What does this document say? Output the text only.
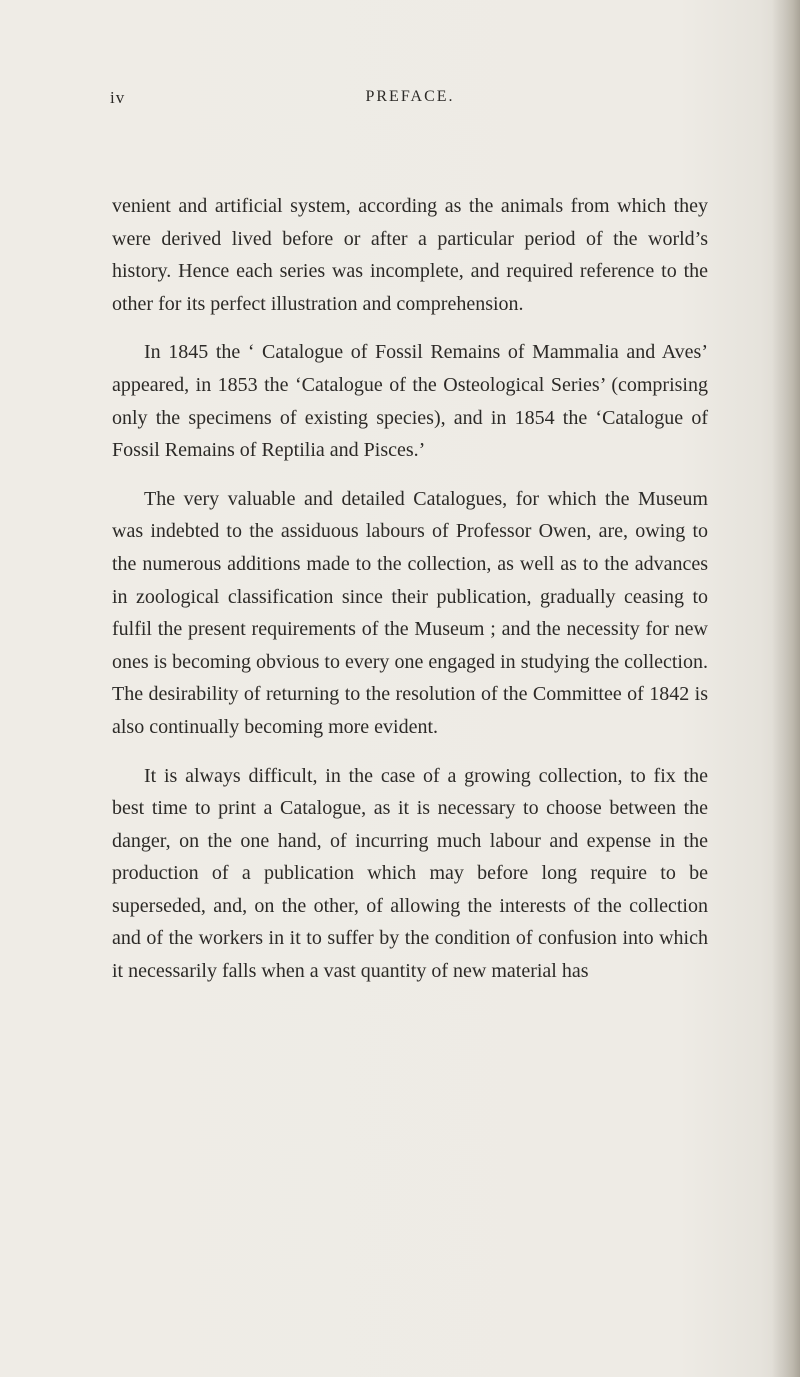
iv	PREFACE.

venient and artificial system, according as the animals from which they were derived lived before or after a particular period of the world’s history. Hence each series was incomplete, and required reference to the other for its perfect illustration and comprehension.

In 1845 the ‘ Catalogue of Fossil Remains of Mammalia and Aves’ appeared, in 1853 the ‘Catalogue of the Osteological Series’ (comprising only the specimens of existing species), and in 1854 the ‘Catalogue of Fossil Remains of Reptilia and Pisces.’

The very valuable and detailed Catalogues, for which the Museum was indebted to the assiduous labours of Professor Owen, are, owing to the numerous additions made to the collection, as well as to the advances in zoological classification since their publication, gradually ceasing to fulfil the present requirements of the Museum ; and the necessity for new ones is becoming obvious to every one engaged in studying the collection. The desirability of returning to the resolution of the Committee of 1842 is also continually becoming more evident.

It is always difficult, in the case of a growing collection, to fix the best time to print a Catalogue, as it is necessary to choose between the danger, on the one hand, of incurring much labour and expense in the production of a publication which may before long require to be superseded, and, on the other, of allowing the interests of the collection and of the workers in it to suffer by the condition of confusion into which it necessarily falls when a vast quantity of new material has
